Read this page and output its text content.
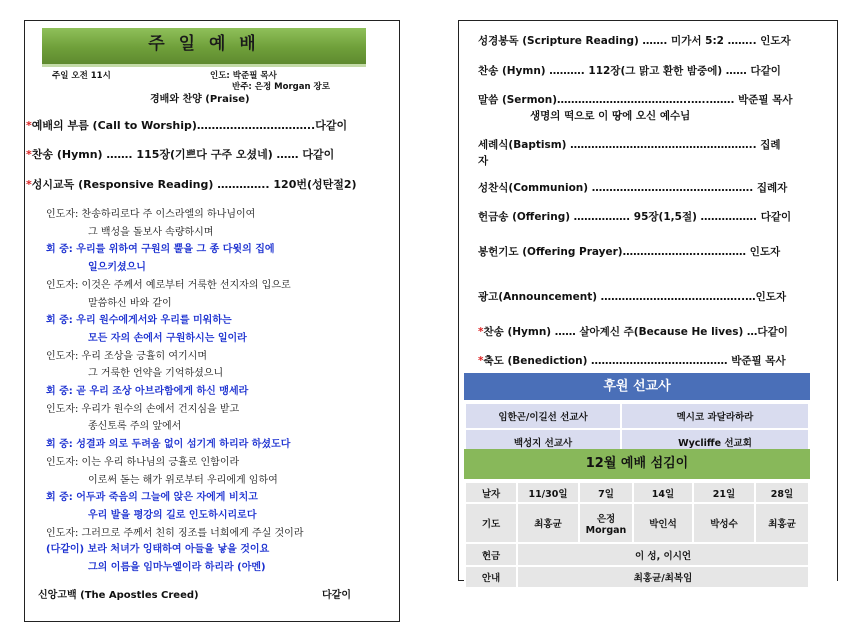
주 일 예 배
주일 오전 11시	인도: 박준필 목사
반주: 은정 Morgan 장로
경배와 찬양 (Praise)
*예배의 부름 (Call to Worship)…………………………..다같이
*찬송 (Hymn) ……. 115장(기쁘다 구주 오셨네) …… 다같이
*성시교독 (Responsive Reading) ………….. 120번(성탄절2)
인도자: 찬송하리로다 주 이스라엘의 하나님이여
그 백성을 돌보사 속량하시며
회 중: 우리를 위하여 구원의 뿔을 그 종 다윗의 집에
일으키셨으니
인도자: 이것은 주께서 예로부터 거룩한 선지자의 입으로
말씀하신 바와 같이
회 중: 우리 원수에게서와 우리를 미워하는
모든 자의 손에서 구원하시는 일이라
인도자: 우리 조상을 긍휼히 여기시며
그 거룩한 언약을 기억하셨으니
회 중: 곧 우리 조상 아브라함에게 하신 맹세라
인도자: 우리가 원수의 손에서 건지심을 받고
종신토록 주의 앞에서
회 중: 성결과 의로 두려움 없이 섬기게 하리라 하셨도다
인도자: 이는 우리 하나님의 긍휼로 인함이라
이로써 돋는 해가 위로부터 우리에게 임하여
회 중: 어두과 죽음의 그늘에 앉은 자에게 비치고
우리 발을 평강의 길로 인도하시리로다
인도자: 그러므로 주께서 친히 징조를 너희에게 주실 것이라
(다같이) 보라 처녀가 잉태하여 아들을 낳을 것이요
그의 이름을 임마누엘이라 하리라 (아멘)
신앙고백 (The Apostles Creed)	다같이
성경봉독 (Scripture Reading) ……. 미가서 5:2 …….. 인도자
찬송 (Hymn) ………. 112장(그 맑고 환한 밤중에) …… 다같이
말씀 (Sermon)………………………………..…..……. 박준필 목사
생명의 떡으로 이 땅에 오신 예수님
세례식(Baptism) …………………………………………….. 집례
자
성찬식(Communion) ………………………………………. 집례자
헌금송 (Offering) ……………. 95장(1,5절) ……………. 다같이
봉헌기도 (Offering Prayer)…………………..………… 인도자
광고(Announcement) …………………………………..…인도자
*찬송 (Hymn) …… 살아계신 주(Because He lives) …다같이
*축도 (Benediction) ………………………………… 박준필 목사
후원 선교사
임한곤/이길선 선교사	멕시코 과달라하라
백성지 선교사	Wycliffe 선교회
12월 예배 섬김이
날자	11/30일	7일	14일	21일	28일
기도	최홍균	은정 Morgan	박인석	박성수	최홍균
헌금	이 성, 이시언				
안내	최홍균/최복임				
